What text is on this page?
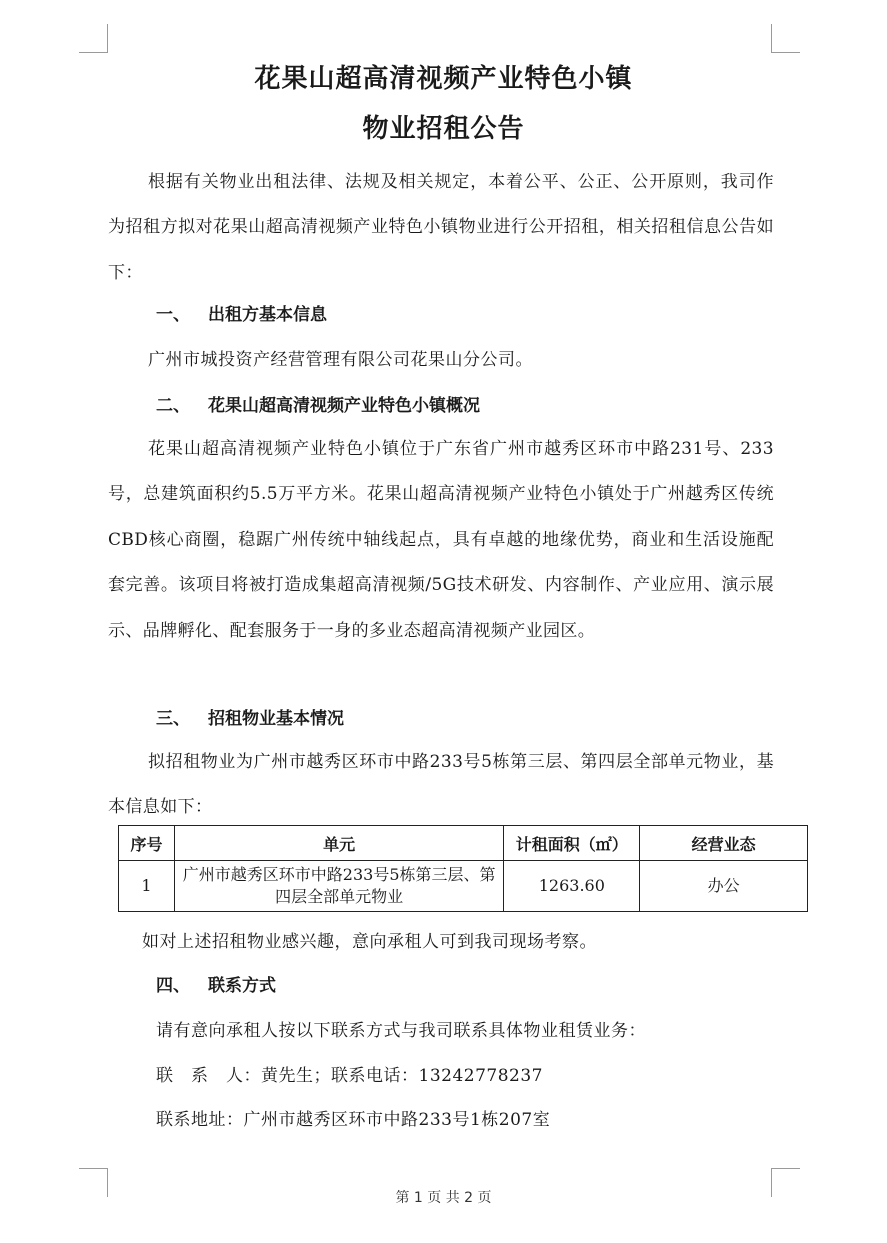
花果山超高清视频产业特色小镇
物业招租公告
根据有关物业出租法律、法规及相关规定，本着公平、公正、公开原则，我司作为招租方拟对花果山超高清视频产业特色小镇物业进行公开招租，相关招租信息公告如下：
一、 出租方基本信息
广州市城投资产经营管理有限公司花果山分公司。
二、 花果山超高清视频产业特色小镇概况
花果山超高清视频产业特色小镇位于广东省广州市越秀区环市中路231号、233号，总建筑面积约5.5万平方米。花果山超高清视频产业特色小镇处于广州越秀区传统CBD核心商圈，稳踞广州传统中轴线起点，具有卓越的地缘优势，商业和生活设施配套完善。该项目将被打造成集超高清视频/5G技术研发、内容制作、产业应用、演示展示、品牌孵化、配套服务于一身的多业态超高清视频产业园区。
三、 招租物业基本情况
拟招租物业为广州市越秀区环市中路233号5栋第三层、第四层全部单元物业，基本信息如下：
序号	单元	计租面积（㎡）	经营业态
1	广州市越秀区环市中路233号5栋第三层、第四层全部单元物业	1263.60	办公
如对上述招租物业感兴趣，意向承租人可到我司现场考察。
四、 联系方式
请有意向承租人按以下联系方式与我司联系具体物业租赁业务：
联　系　人：黄先生；联系电话：13242778237
联系地址：广州市越秀区环市中路233号1栋207室
第 1 页 共 2 页
